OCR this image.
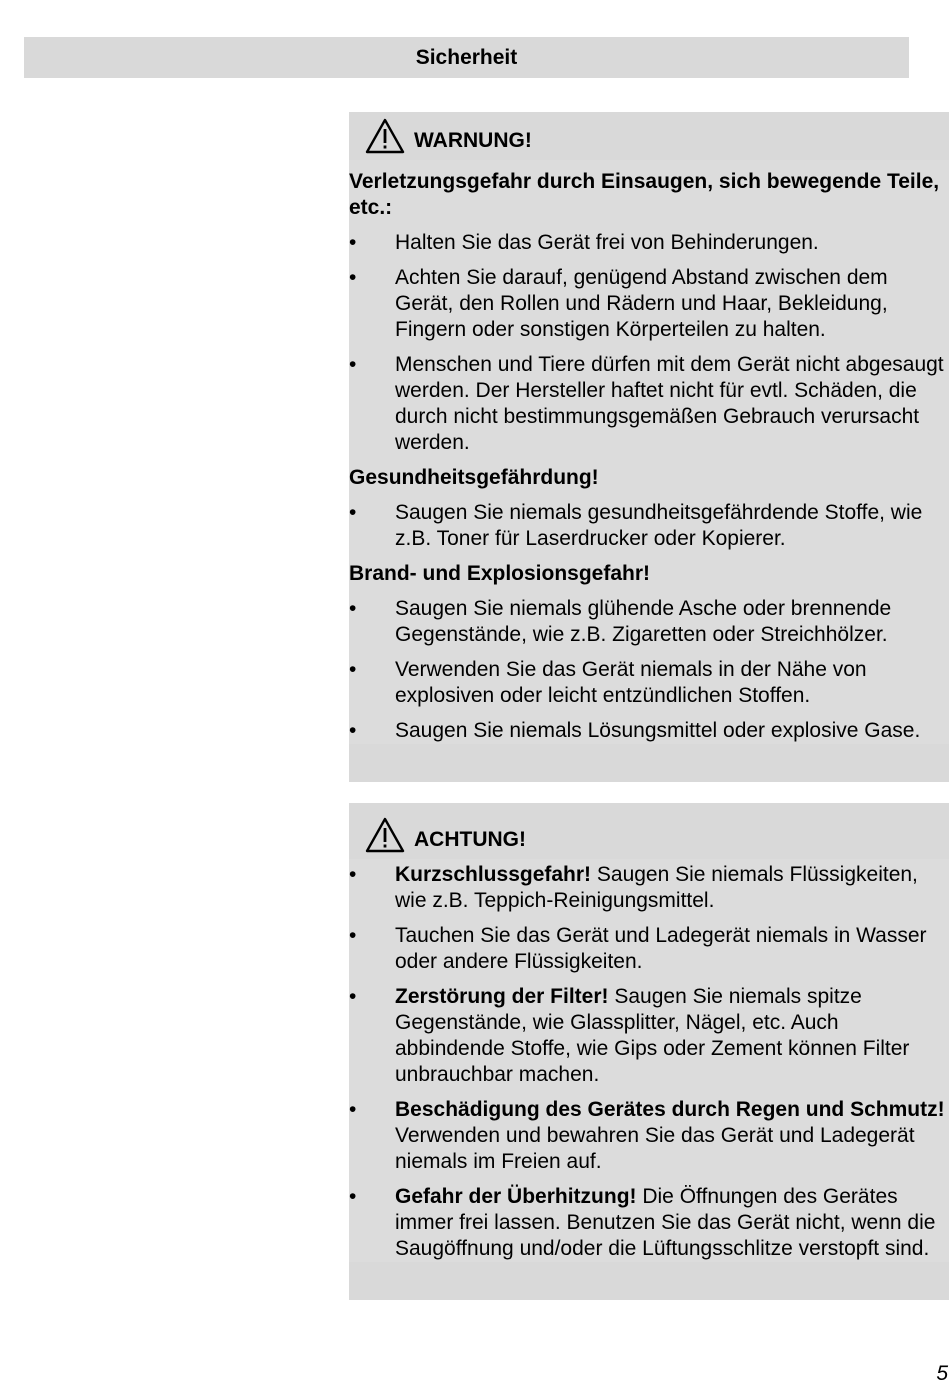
Sicherheit
WARNUNG!

Verletzungsgefahr durch Einsaugen, sich bewegende Teile, etc.:

• Halten Sie das Gerät frei von Behinderungen.
• Achten Sie darauf, genügend Abstand zwischen dem Gerät, den Rollen und Rädern und Haar, Bekleidung, Fingern oder sonstigen Körperteilen zu halten.
• Menschen und Tiere dürfen mit dem Gerät nicht abgesaugt werden. Der Hersteller haftet nicht für evtl. Schäden, die durch nicht bestimmungsgemäßen Gebrauch verursacht werden.

Gesundheitsgefährdung!

• Saugen Sie niemals gesundheitsgefährdende Stoffe, wie z.B. Toner für Laserdrucker oder Kopierer.

Brand- und Explosionsgefahr!

• Saugen Sie niemals glühende Asche oder brennende Gegenstände, wie z.B. Zigaretten oder Streichhölzer.
• Verwenden Sie das Gerät niemals in der Nähe von explosiven oder leicht entzündlichen Stoffen.
• Saugen Sie niemals Lösungsmittel oder explosive Gase.
ACHTUNG!
• Kurzschlussgefahr! Saugen Sie niemals Flüssigkeiten, wie z.B. Teppich-Reinigungsmittel.
• Tauchen Sie das Gerät und Ladegerät niemals in Wasser oder andere Flüssigkeiten.
• Zerstörung der Filter! Saugen Sie niemals spitze Gegenstände, wie Glassplitter, Nägel, etc. Auch abbindende Stoffe, wie Gips oder Zement können Filter unbrauchbar machen.
• Beschädigung des Gerätes durch Regen und Schmutz! Verwenden und bewahren Sie das Gerät und Ladegerät niemals im Freien auf.
• Gefahr der Überhitzung! Die Öffnungen des Gerätes immer frei lassen. Benutzen Sie das Gerät nicht, wenn die Saugöffnung und/oder die Lüftungsschlitze verstopft sind.
5
